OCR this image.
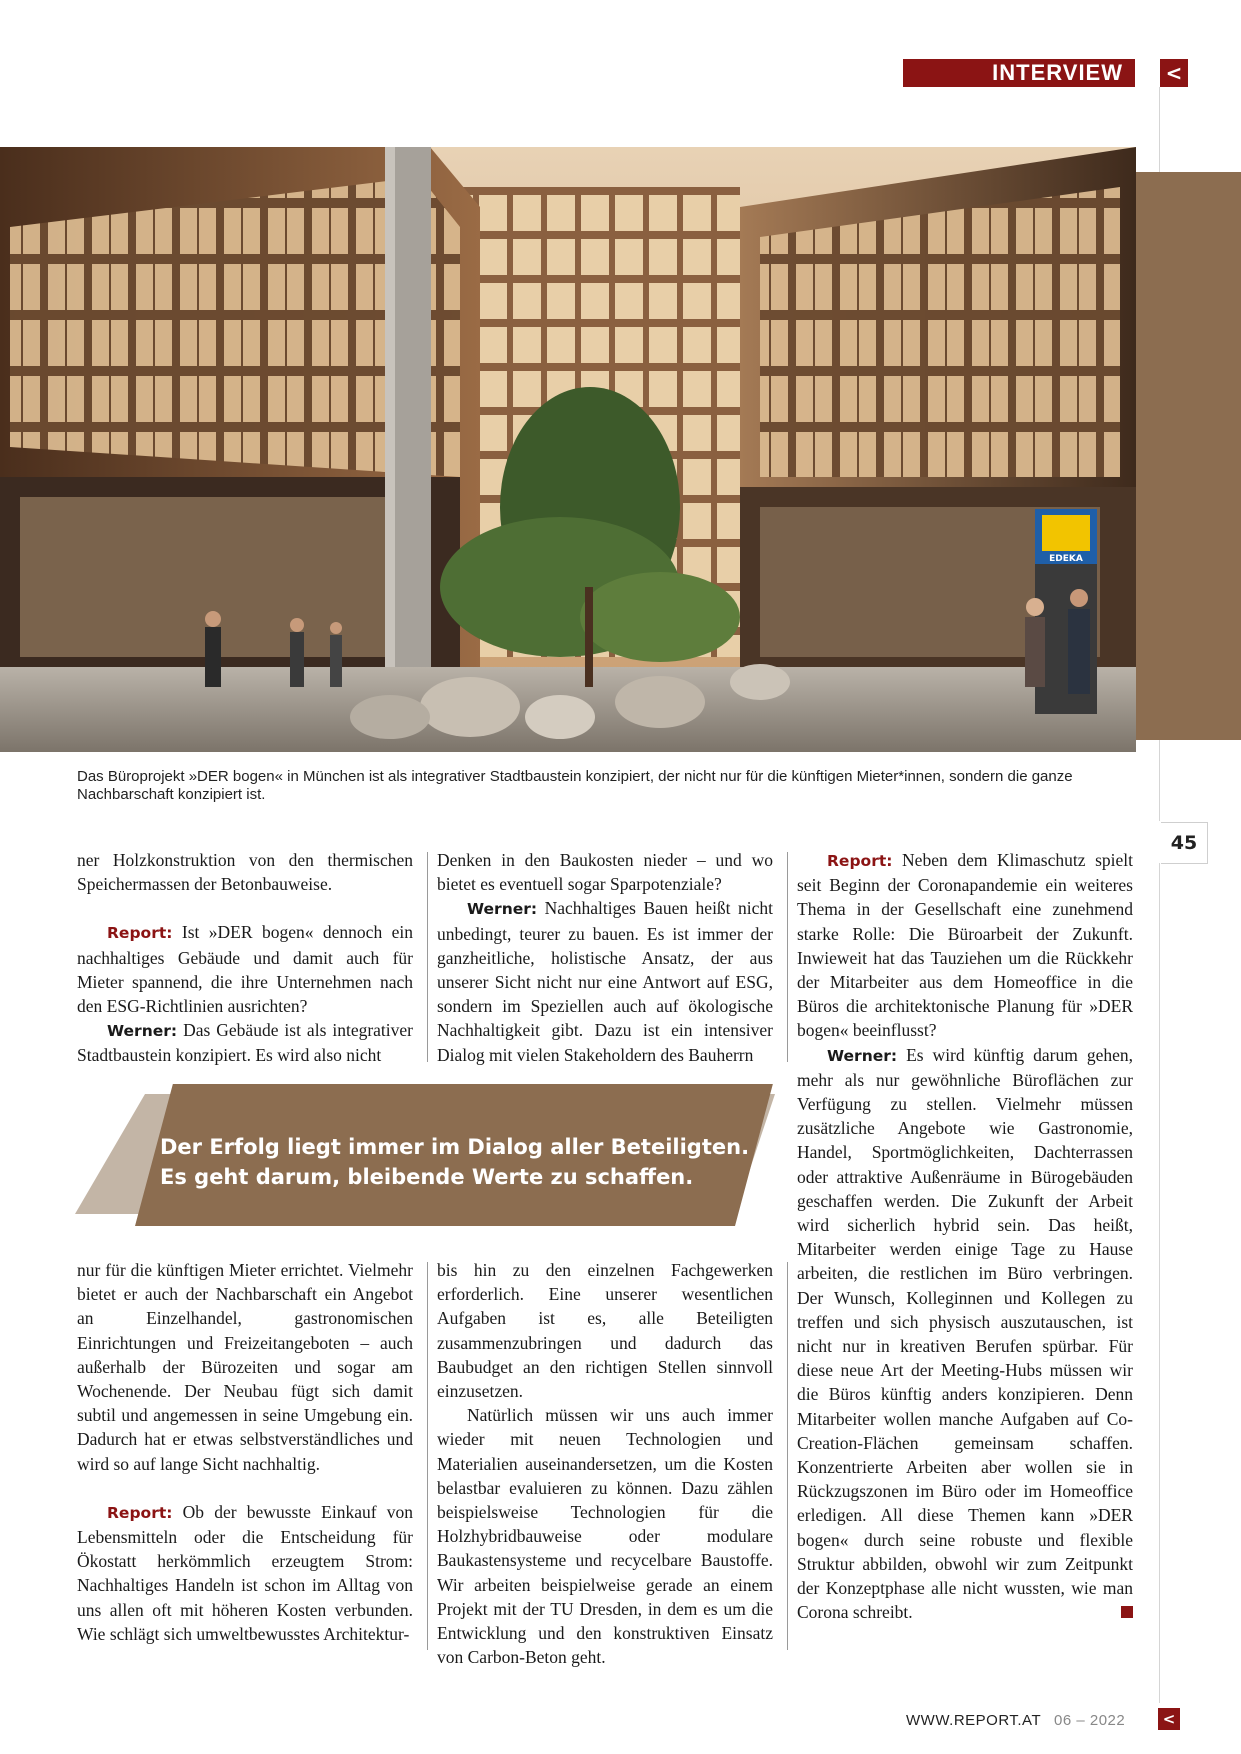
INTERVIEW <
EDEKA
Das Büroprojekt »DER bogen« in München ist als integrativer Stadtbaustein konzipiert, der nicht nur für die künftigen Mieter*innen, sondern die ganze Nachbarschaft konzipiert ist.
45

ner Holzkonstruktion von den thermischen Speichermassen der Betonbauweise.

Report: Ist »DER bogen« dennoch ein nachhaltiges Gebäude und damit auch für Mieter spannend, die ihre Unternehmen nach den ESG-Richtlinien ausrichten?

Werner: Das Gebäude ist als integrativer Stadtbaustein konzipiert. Es wird also nicht

Denken in den Baukosten nieder – und wo bietet es eventuell sogar Sparpotenziale?

Werner: Nachhaltiges Bauen heißt nicht unbedingt, teurer zu bauen. Es ist immer der ganzheitliche, holistische Ansatz, der aus unserer Sicht nicht nur eine Antwort auf ESG, sondern im Speziellen auch auf ökologische Nachhaltigkeit gibt. Dazu ist ein intensiver Dialog mit vielen Stakeholdern des Bauherrn

Der Erfolg liegt immer im Dialog aller Beteiligten.
Es geht darum, bleibende Werte zu schaffen.

nur für die künftigen Mieter errichtet. Vielmehr bietet er auch der Nachbarschaft ein Angebot an Einzelhandel, gastronomischen Einrichtungen und Freizeitangeboten – auch außerhalb der Bürozeiten und sogar am Wochenende. Der Neubau fügt sich damit subtil und angemessen in seine Umgebung ein. Dadurch hat er etwas selbstverständliches und wird so auf lange Sicht nachhaltig.

Report: Ob der bewusste Einkauf von Lebensmitteln oder die Entscheidung für Ökostatt herkömmlich erzeugtem Strom: Nachhaltiges Handeln ist schon im Alltag von uns allen oft mit höheren Kosten verbunden. Wie schlägt sich umweltbewusstes Architektur-

bis hin zu den einzelnen Fachgewerken erforderlich. Eine unserer wesentlichen Aufgaben ist es, alle Beteiligten zusammenzubringen und dadurch das Baubudget an den richtigen Stellen sinnvoll einzusetzen.

Natürlich müssen wir uns auch immer wieder mit neuen Technologien und Materialien auseinandersetzen, um die Kosten belastbar evaluieren zu können. Dazu zählen beispielsweise Technologien für die Holzhybridbauweise oder modulare Baukastensysteme und recycelbare Baustoffe. Wir arbeiten beispielweise gerade an einem Projekt mit der TU Dresden, in dem es um die Entwicklung und den konstruktiven Einsatz von Carbon-Beton geht.

Report: Neben dem Klimaschutz spielt seit Beginn der Coronapandemie ein weiteres Thema in der Gesellschaft eine zunehmend starke Rolle: Die Büroarbeit der Zukunft. Inwieweit hat das Tauziehen um die Rückkehr der Mitarbeiter aus dem Homeoffice in die Büros die architektonische Planung für »DER bogen« beeinflusst?

Werner: Es wird künftig darum gehen, mehr als nur gewöhnliche Büroflächen zur Verfügung zu stellen. Vielmehr müssen zusätzliche Angebote wie Gastronomie, Handel, Sportmöglichkeiten, Dachterrassen oder attraktive Außenräume in Bürogebäuden geschaffen werden. Die Zukunft der Arbeit wird sicherlich hybrid sein. Das heißt, Mitarbeiter werden einige Tage zu Hause arbeiten, die restlichen im Büro verbringen. Der Wunsch, Kolleginnen und Kollegen zu treffen und sich physisch auszutauschen, ist nicht nur in kreativen Berufen spürbar. Für diese neue Art der Meeting-Hubs müssen wir die Büros künftig anders konzipieren. Denn Mitarbeiter wollen manche Aufgaben auf Co-Creation-Flächen gemeinsam schaffen. Konzentrierte Arbeiten aber wollen sie in Rückzugszonen im Büro oder im Homeoffice erledigen. All diese Themen kann »DER bogen« durch seine robuste und flexible Struktur abbilden, obwohl wir zum Zeitpunkt der Konzeptphase alle nicht wussten, wie man Corona schreibt.

WWW.REPORT.AT 06 – 2022 <
